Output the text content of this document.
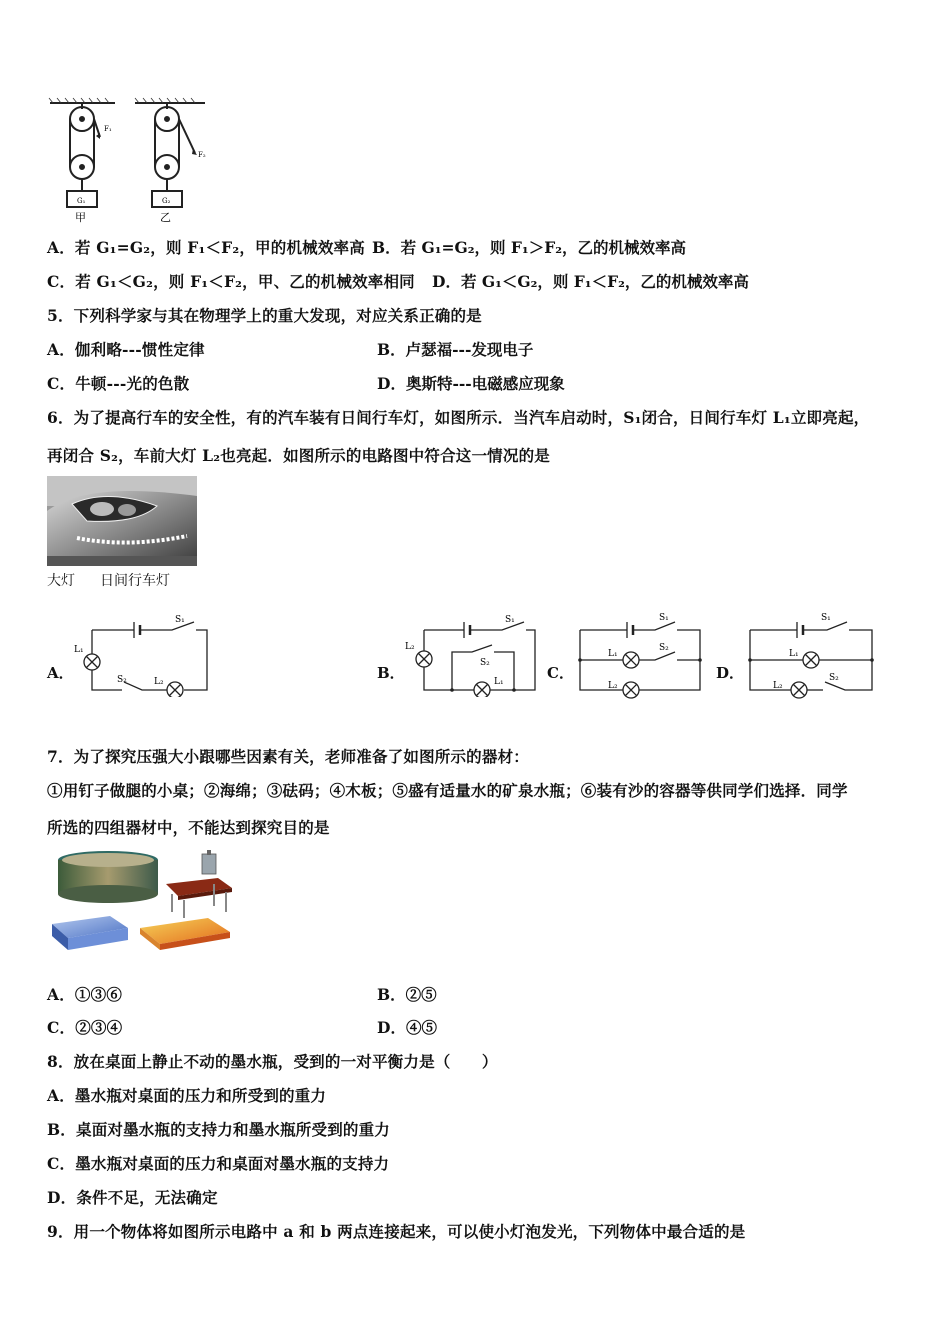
F₁
G₁
甲
F₂
G₂
乙
A．若 G₁=G₂，则 F₁＜F₂，甲的机械效率高 B．若 G₁=G₂，则 F₁＞F₂，乙的机械效率高
C．若 G₁＜G₂，则 F₁＜F₂，甲、乙的机械效率相同 D．若 G₁＜G₂，则 F₁＜F₂，乙的机械效率高
5．下列科学家与其在物理学上的重大发现，对应关系正确的是
A．伽利略---惯性定律	B．卢瑟福---发现电子
C．牛顿---光的色散	D．奥斯特---电磁感应现象
6．为了提高行车的安全性，有的汽车装有日间行车灯，如图所示．当汽车启动时，S₁闭合，日间行车灯 L₁立即亮起，
再闭合 S₂，车前大灯 L₂也亮起．如图所示的电路图中符合这一情况的是
大灯 日间行车灯
A．
S₁
S₂
L₁
L₂	B．
S₁
S₂
L₂
L₁	C．
S₁
S₂
L₁
L₂
D．
S₁
S₂
L₁
L₂
7．为了探究压强大小跟哪些因素有关，老师准备了如图所示的器材：
①用钉子做腿的小桌；②海绵；③砝码；④木板；⑤盛有适量水的矿泉水瓶；⑥装有沙的容器等供同学们选择．同学
所选的四组器材中，不能达到探究目的是
A．①③⑥	B．②⑤
C．②③④	D．④⑤
8．放在桌面上静止不动的墨水瓶，受到的一对平衡力是（　　）
A．墨水瓶对桌面的压力和所受到的重力
B．桌面对墨水瓶的支持力和墨水瓶所受到的重力
C．墨水瓶对桌面的压力和桌面对墨水瓶的支持力
D．条件不足，无法确定
9．用一个物体将如图所示电路中 a 和 b 两点连接起来，可以使小灯泡发光，下列物体中最合适的是
